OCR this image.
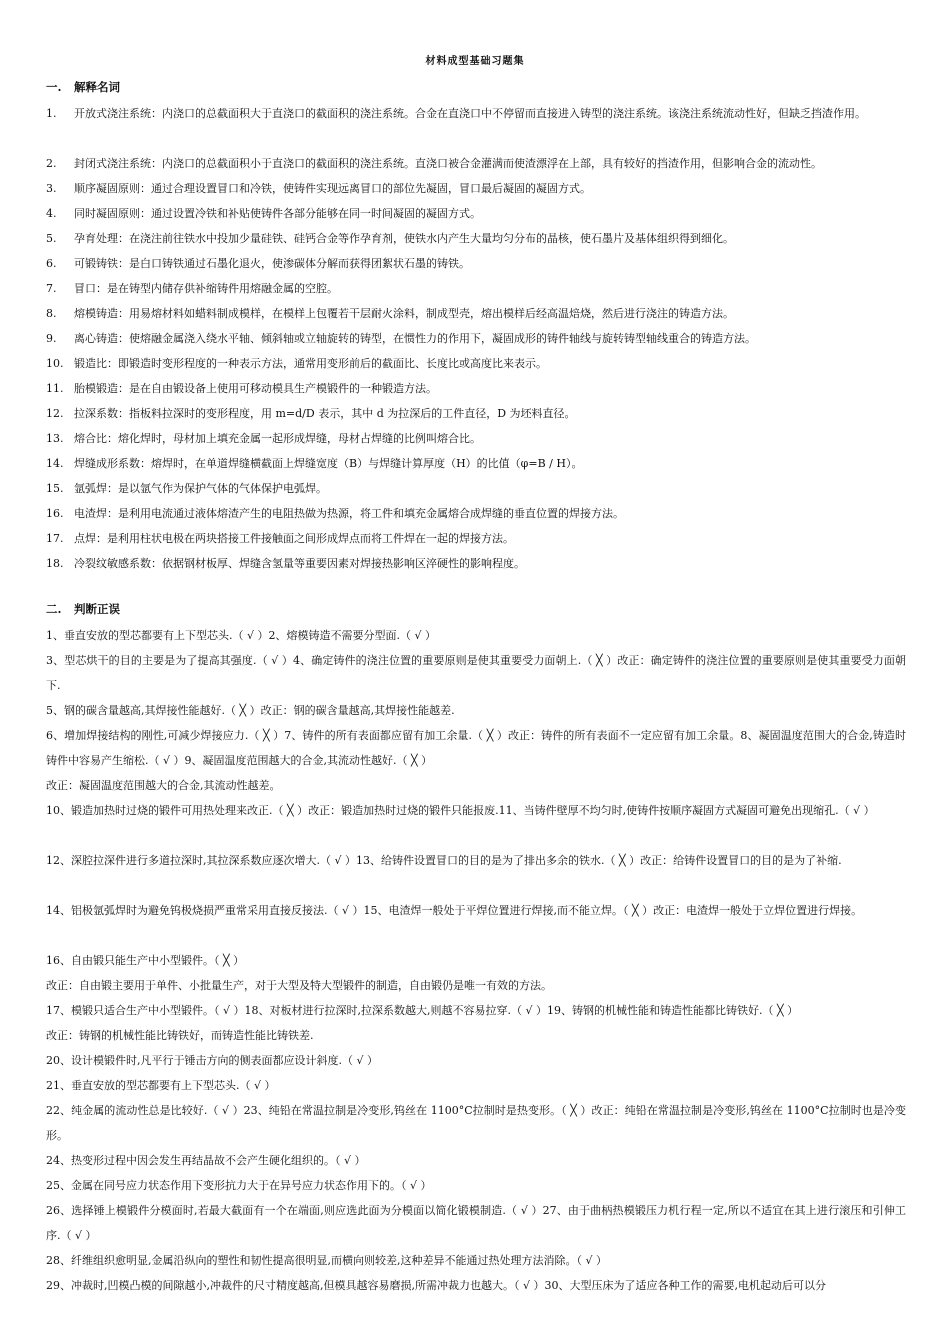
材料成型基础习题集
一. 解释名词
1. 开放式浇注系统：内浇口的总截面积大于直浇口的截面积的浇注系统。合金在直浇口中不停留而直接进入铸型的浇注系统。该浇注系统流动性好，但缺乏挡渣作用。
2. 封闭式浇注系统：内浇口的总截面积小于直浇口的截面积的浇注系统。直浇口被合金灌满而使渣漂浮在上部，具有较好的挡渣作用，但影响合金的流动性。
3. 顺序凝固原则：通过合理设置冒口和冷铁，使铸件实现远离冒口的部位先凝固，冒口最后凝固的凝固方式。
4. 同时凝固原则：通过设置冷铁和补贴使铸件各部分能够在同一时间凝固的凝固方式。
5. 孕育处理：在浇注前往铁水中投加少量硅铁、硅钙合金等作孕育剂，使铁水内产生大量均匀分布的晶核，使石墨片及基体组织得到细化。
6. 可锻铸铁：是白口铸铁通过石墨化退火，使渗碳体分解而获得团絮状石墨的铸铁。
7. 冒口：是在铸型内储存供补缩铸件用熔融金属的空腔。
8. 熔模铸造：用易熔材料如蜡料制成模样，在模样上包覆若干层耐火涂料，制成型壳，熔出模样后经高温焙烧，然后进行浇注的铸造方法。
9. 离心铸造：使熔融金属浇入绕水平轴、倾斜轴或立轴旋转的铸型，在惯性力的作用下，凝固成形的铸件轴线与旋转铸型轴线重合的铸造方法。
10. 锻造比：即锻造时变形程度的一种表示方法，通常用变形前后的截面比、长度比或高度比来表示。
11. 胎模锻造：是在自由锻设备上使用可移动模具生产模锻件的一种锻造方法。
12. 拉深系数：指板料拉深时的变形程度，用 m=d/D 表示，其中 d 为拉深后的工件直径，D 为坯料直径。
13. 熔合比：熔化焊时，母材加上填充金属一起形成焊缝，母材占焊缝的比例叫熔合比。
14. 焊缝成形系数：熔焊时，在单道焊缝横截面上焊缝宽度（B）与焊缝计算厚度（H）的比值（φ=B / H）。
15. 氩弧焊：是以氩气作为保护气体的气体保护电弧焊。
16. 电渣焊：是利用电流通过液体熔渣产生的电阻热做为热源，将工件和填充金属熔合成焊缝的垂直位置的焊接方法。
17. 点焊：是利用柱状电极在两块搭接工件接触面之间形成焊点而将工件焊在一起的焊接方法。
18. 冷裂纹敏感系数：依据钢材板厚、焊缝含氢量等重要因素对焊接热影响区淬硬性的影响程度。
二. 判断正误
1、垂直安放的型芯都要有上下型芯头.（ √ ）2、熔模铸造不需要分型面.（ √ ）
3、型芯烘干的目的主要是为了提高其强度.（ √ ）4、确定铸件的浇注位置的重要原则是使其重要受力面朝上.（ ╳ ）改正：确定铸件的浇注位置的重要原则是使其重要受力面朝下.
5、钢的碳含量越高,其焊接性能越好.（ ╳ ）改正：钢的碳含量越高,其焊接性能越差.
6、增加焊接结构的刚性,可减少焊接应力.（ ╳ ）7、铸件的所有表面都应留有加工余量.（ ╳ ）改正：铸件的所有表面不一定应留有加工余量。8、凝固温度范围大的合金,铸造时铸件中容易产生缩松.（ √ ）9、凝固温度范围越大的合金,其流动性越好.（ ╳ ）
改正：凝固温度范围越大的合金,其流动性越差。
10、锻造加热时过烧的锻件可用热处理来改正.（ ╳ ）改正：锻造加热时过烧的锻件只能报废.11、当铸件壁厚不均匀时,使铸件按顺序凝固方式凝固可避免出现缩孔.（ √ ）
12、深腔拉深件进行多道拉深时,其拉深系数应逐次增大.（ √ ）13、给铸件设置冒口的目的是为了排出多余的铁水.（ ╳ ）改正：给铸件设置冒口的目的是为了补缩.
14、铝极氩弧焊时为避免钨极烧损严重常采用直接反接法.（ √ ）15、电渣焊一般处于平焊位置进行焊接,而不能立焊。（ ╳ ）改正：电渣焊一般处于立焊位置进行焊接。
16、自由锻只能生产中小型锻件。（ ╳ ）
改正：自由锻主要用于单件、小批量生产，对于大型及特大型锻件的制造，自由锻仍是唯一有效的方法。
17、模锻只适合生产中小型锻件。（ √ ）18、对板材进行拉深时,拉深系数越大,则越不容易拉穿.（ √ ）19、铸钢的机械性能和铸造性能都比铸铁好.（ ╳ ）
改正：铸钢的机械性能比铸铁好，而铸造性能比铸铁差.
20、设计模锻件时,凡平行于锤击方向的侧表面都应设计斜度.（ √ ）
21、垂直安放的型芯都要有上下型芯头.（ √ ）
22、纯金属的流动性总是比较好.（ √ ）23、纯铅在常温拉制是冷变形,钨丝在 1100°C拉制时是热变形。（ ╳ ）改正：纯铅在常温拉制是冷变形,钨丝在 1100°C拉制时也是冷变形。
24、热变形过程中因会发生再结晶故不会产生硬化组织的。（ √ ）
25、金属在同号应力状态作用下变形抗力大于在异号应力状态作用下的。（ √ ）
26、选择锤上模锻件分模面时,若最大截面有一个在端面,则应选此面为分模面以简化锻模制造.（ √ ）27、由于曲柄热模锻压力机行程一定,所以不适宜在其上进行滚压和引伸工序.（ √ ）
28、纤维组织愈明显,金属沿纵向的塑性和韧性提高很明显,而横向则较差,这种差异不能通过热处理方法消除。（ √ ）
29、冲裁时,凹模凸模的间隙越小,冲裁件的尺寸精度越高,但模具越容易磨损,所需冲裁力也越大。（ √ ）30、大型压床为了适应各种工作的需要,电机起动后可以分
